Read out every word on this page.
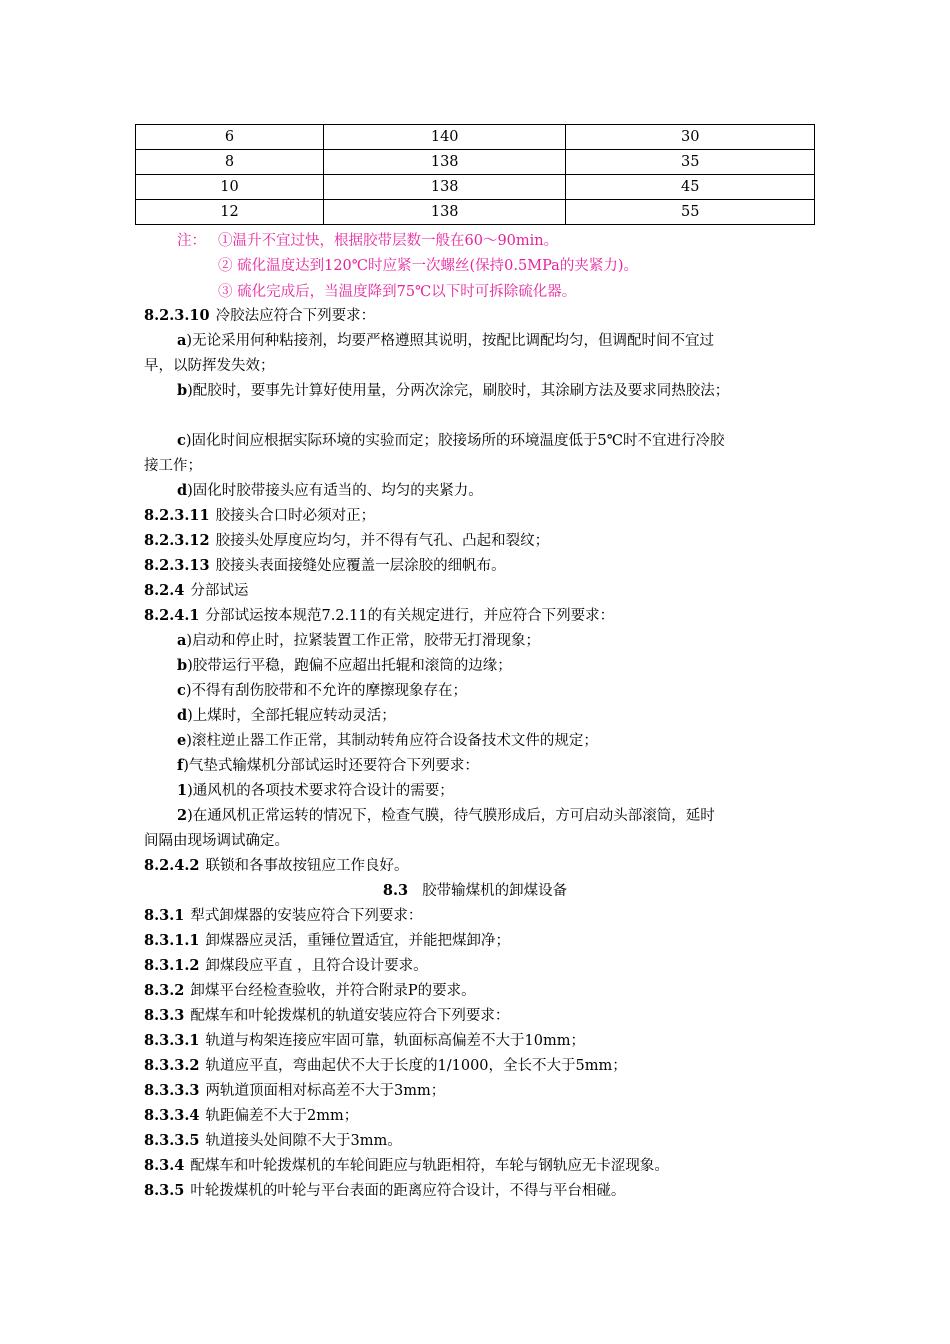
6	140	30
8	138	35
10	138	45
12	138	55
注： ①温升不宜过快，根据胶带层数一般在60～90min。
② 硫化温度达到120℃时应紧一次螺丝(保持0.5MPa的夹紧力)。
③ 硫化完成后，当温度降到75℃以下时可拆除硫化器。
8.2.3.10 冷胶法应符合下列要求：
a)无论采用何种粘接剂，均要严格遵照其说明，按配比调配均匀，但调配时间不宜过
早，以防挥发失效；
b)配胶时，要事先计算好使用量，分两次涂完，刷胶时，其涂刷方法及要求同热胶法；
c)固化时间应根据实际环境的实验而定；胶接场所的环境温度低于5℃时不宜进行冷胶
接工作；
d)固化时胶带接头应有适当的、均匀的夹紧力。
8.2.3.11 胶接头合口时必须对正；
8.2.3.12 胶接头处厚度应均匀，并不得有气孔、凸起和裂纹；
8.2.3.13 胶接头表面接缝处应覆盖一层涂胶的细帆布。
8.2.4 分部试运
8.2.4.1 分部试运按本规范7.2.11的有关规定进行，并应符合下列要求：
a)启动和停止时，拉紧装置工作正常，胶带无打滑现象；
b)胶带运行平稳，跑偏不应超出托辊和滚筒的边缘；
c)不得有刮伤胶带和不允许的摩擦现象存在；
d)上煤时，全部托辊应转动灵活；
e)滚柱逆止器工作正常，其制动转角应符合设备技术文件的规定；
f)气垫式输煤机分部试运时还要符合下列要求：
1)通风机的各项技术要求符合设计的需要；
2)在通风机正常运转的情况下，检查气膜，待气膜形成后，方可启动头部滚筒，延时
间隔由现场调试确定。
8.2.4.2 联锁和各事故按钮应工作良好。
8.3 胶带输煤机的卸煤设备
8.3.1 犁式卸煤器的安装应符合下列要求：
8.3.1.1 卸煤器应灵活，重锤位置适宜，并能把煤卸净；
8.3.1.2 卸煤段应平直 ，且符合设计要求。
8.3.2 卸煤平台经检查验收，并符合附录P的要求。
8.3.3 配煤车和叶轮拨煤机的轨道安装应符合下列要求：
8.3.3.1 轨道与构架连接应牢固可靠，轨面标高偏差不大于10mm；
8.3.3.2 轨道应平直，弯曲起伏不大于长度的1/1000，全长不大于5mm；
8.3.3.3 两轨道顶面相对标高差不大于3mm；
8.3.3.4 轨距偏差不大于2mm；
8.3.3.5 轨道接头处间隙不大于3mm。
8.3.4 配煤车和叶轮拨煤机的车轮间距应与轨距相符，车轮与钢轨应无卡涩现象。
8.3.5 叶轮拨煤机的叶轮与平台表面的距离应符合设计，不得与平台相碰。
